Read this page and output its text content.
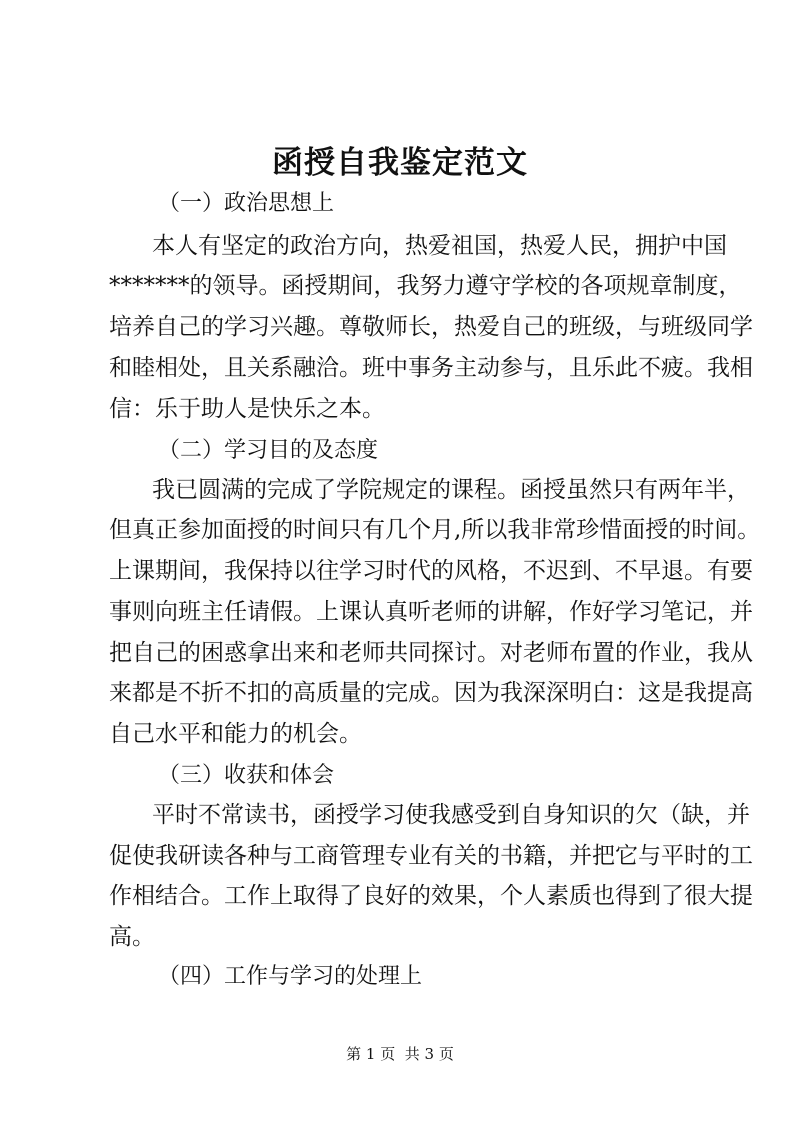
函授自我鉴定范文
（一）政治思想上
本人有坚定的政治方向，热爱祖国，热爱人民，拥护中国
*******的领导。函授期间，我努力遵守学校的各项规章制度，
培养自己的学习兴趣。尊敬师长，热爱自己的班级，与班级同学
和睦相处，且关系融洽。班中事务主动参与，且乐此不疲。我相
信：乐于助人是快乐之本。
（二）学习目的及态度
我已圆满的完成了学院规定的课程。函授虽然只有两年半，
但真正参加面授的时间只有几个月,所以我非常珍惜面授的时间。
上课期间，我保持以往学习时代的风格，不迟到、不早退。有要
事则向班主任请假。上课认真听老师的讲解，作好学习笔记，并
把自己的困惑拿出来和老师共同探讨。对老师布置的作业，我从
来都是不折不扣的高质量的完成。因为我深深明白：这是我提高
自己水平和能力的机会。
（三）收获和体会
平时不常读书，函授学习使我感受到自身知识的欠（缺，并
促使我研读各种与工商管理专业有关的书籍，并把它与平时的工
作相结合。工作上取得了良好的效果，个人素质也得到了很大提
高。
（四）工作与学习的处理上
第 1 页  共 3 页
